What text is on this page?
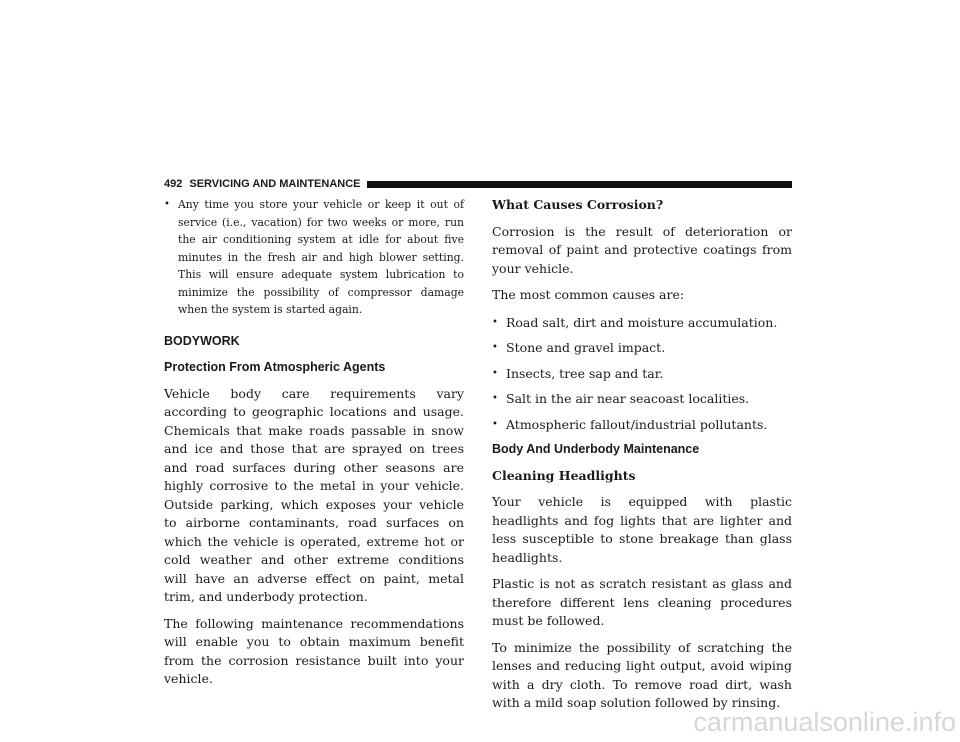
492 SERVICING AND MAINTENANCE
• Any time you store your vehicle or keep it out of service (i.e., vacation) for two weeks or more, run the air conditioning system at idle for about five minutes in the fresh air and high blower setting. This will ensure adequate system lubrication to minimize the possibility of compressor damage when the system is started again.

BODYWORK

Protection From Atmospheric Agents

Vehicle body care requirements vary according to geographic locations and usage. Chemicals that make roads passable in snow and ice and those that are sprayed on trees and road surfaces during other seasons are highly corrosive to the metal in your vehicle. Outside parking, which exposes your vehicle to airborne contaminants, road surfaces on which the vehicle is operated, extreme hot or cold weather and other extreme conditions will have an adverse effect on paint, metal trim, and underbody protection.

The following maintenance recommendations will enable you to obtain maximum benefit from the corrosion resistance built into your vehicle.

What Causes Corrosion?

Corrosion is the result of deterioration or removal of paint and protective coatings from your vehicle.

The most common causes are:

• Road salt, dirt and moisture accumulation.
• Stone and gravel impact.
• Insects, tree sap and tar.
• Salt in the air near seacoast localities.
• Atmospheric fallout/industrial pollutants.

Body And Underbody Maintenance

Cleaning Headlights

Your vehicle is equipped with plastic headlights and fog lights that are lighter and less susceptible to stone breakage than glass headlights.

Plastic is not as scratch resistant as glass and therefore different lens cleaning procedures must be followed.

To minimize the possibility of scratching the lenses and reducing light output, avoid wiping with a dry cloth. To remove road dirt, wash with a mild soap solution followed by rinsing.

carmanualsonline.info
